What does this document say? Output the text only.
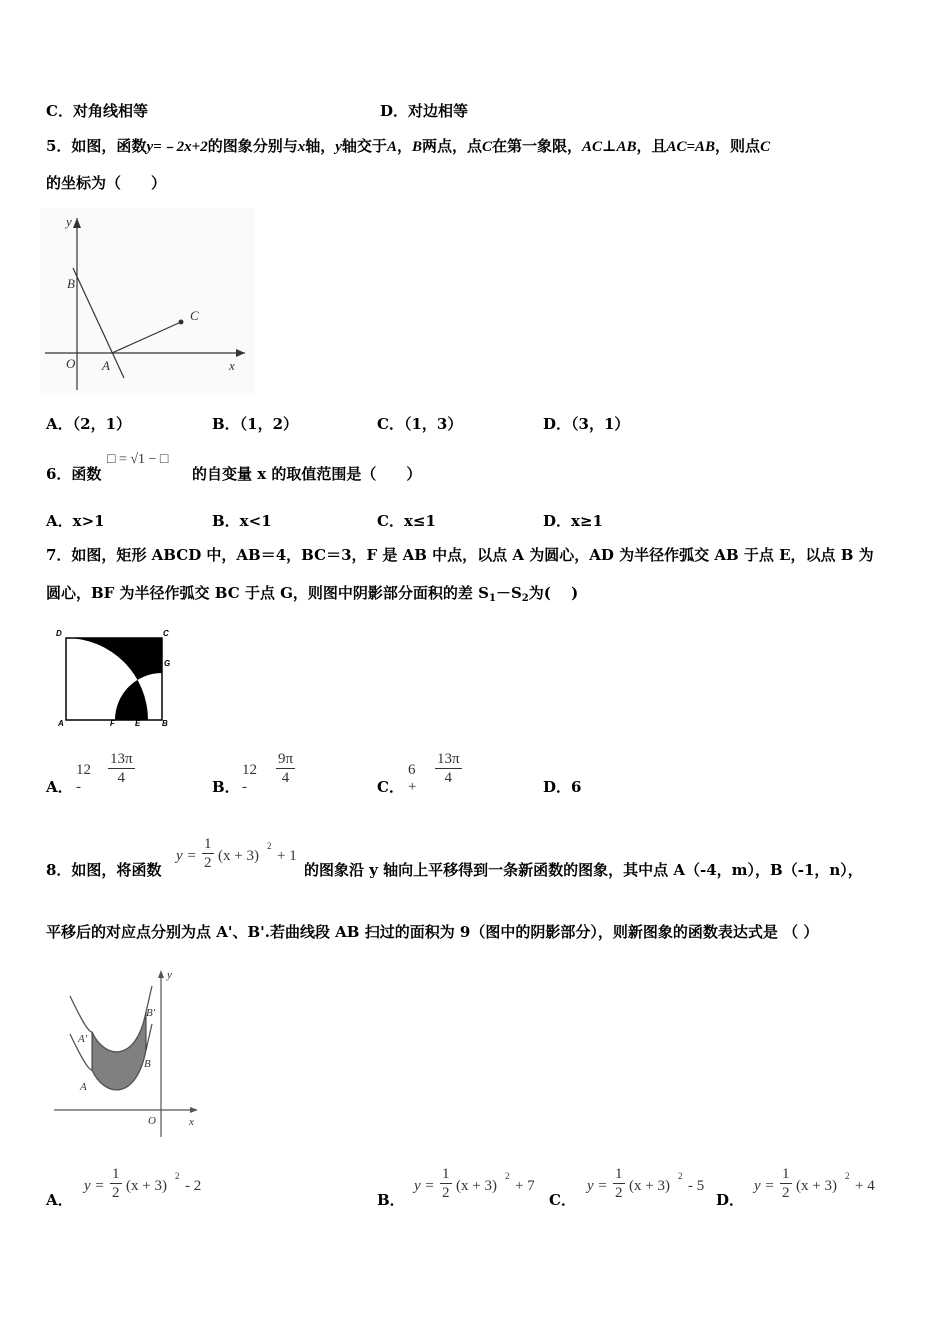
C．对角线相等	D．对边相等
5．如图，函数y=﹣2x+2的图象分别与x轴，y轴交于A，B两点，点C在第一象限，AC⊥AB，且AC=AB，则点C
的坐标为（　　）
y
B
C
O A	x
A．（2，1）	B．（1，2）	C．（1，3）	D．（3，1）
6．函数
□ = √1 − □
的自变量 x 的取值范围是（　　）
A．x>1	B．x<1	C．x≤1	D．x≥1
7．如图，矩形 ABCD 中，AB＝4，BC＝3，F 是 AB 中点，以点 A 为圆心，AD 为半径作弧交 AB 于点 E，以点 B 为
圆心，BF 为半径作弧交 BC 于点 G，则图中阴影部分面积的差 $S_1-S_2$为(　 )
D	C
G
A	F	E	B
A．
12 -	$\frac{13\pi}{4}$	B．
12 -	$\frac{9\pi}{4}$	C．
$6 + \frac{13\pi}{4}$	D．6
8．如图，将函数
$y = \frac{1}{2} (x + 3)$
2
+ 1
的图象沿 y 轴向上平移得到一条新函数的图象，其中点 A（-4，m），B（-1，n），
平移后的对应点分别为点 A'、B'.若曲线段 AB 扫过的面积为 9（图中的阴影部分），则新图象的函数表达式是 （ ）
y
A'
B'
A
B
O	x
A．
$y = \frac{1}{2} (x + 3)$
2
- 2
B．
$y = \frac{1}{2} (x + 3)$
2
+ 7
C．
$y = \frac{1}{2} (x + 3)$
2
- 5
D．
$y = \frac{1}{2} (x + 3)$
2
+ 4
